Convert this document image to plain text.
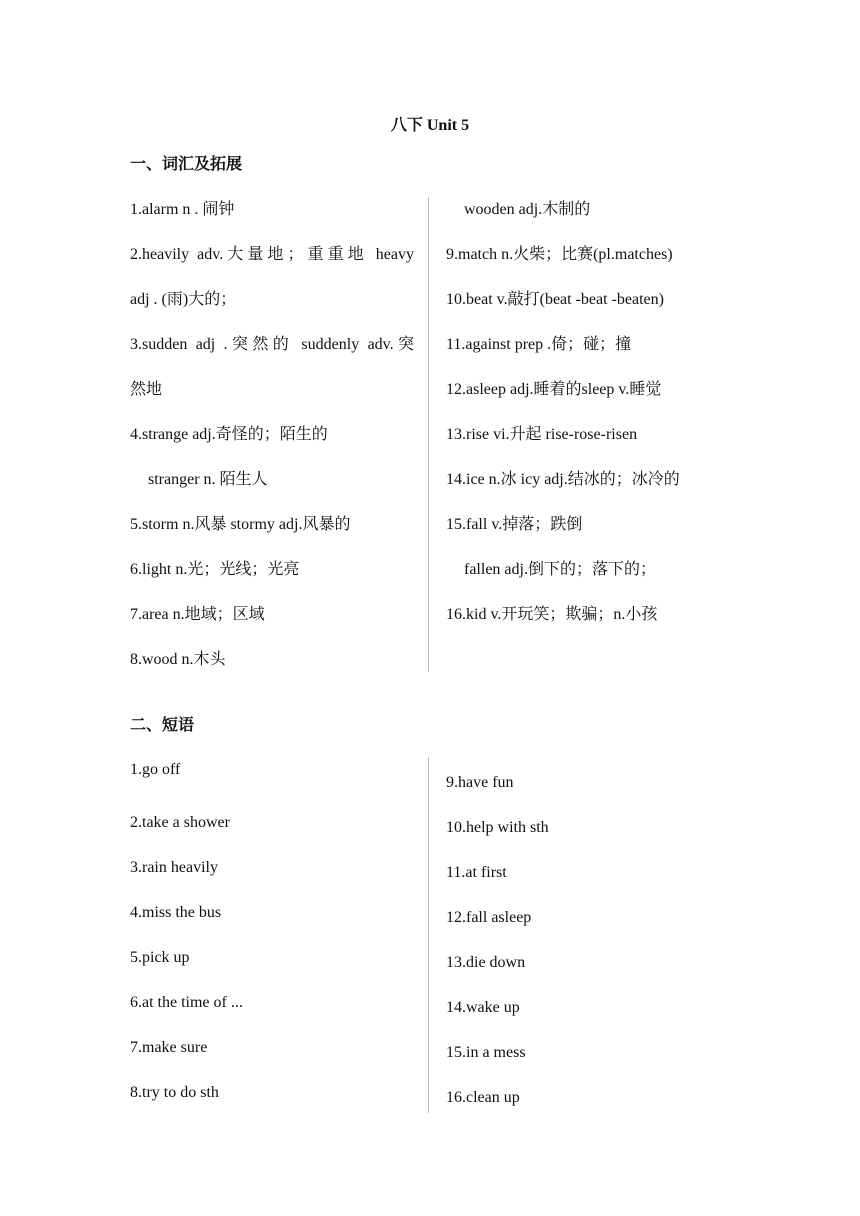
八下 Unit 5
一、词汇及拓展
1.alarm n . 闹钟
2.heavily adv.大量地；重重地 heavy
adj . (雨)大的；
3.sudden adj .突然的 suddenly adv.突
然地
4.strange adj.奇怪的；陌生的
stranger n. 陌生人
5.storm n.风暴 stormy adj.风暴的
6.light n.光；光线；光亮
7.area n.地域；区域
8.wood n.木头
wooden adj.木制的
9.match n.火柴；比赛(pl.matches)
10.beat v.敲打(beat -beat -beaten)
11.against prep .倚；碰；撞
12.asleep adj.睡着的sleep v.睡觉
13.rise vi.升起 rise-rose-risen
14.ice n.冰 icy adj.结冰的；冰冷的
15.fall v.掉落；跌倒
fallen adj.倒下的；落下的；
16.kid v.开玩笑；欺骗；n.小孩
二、短语
1.go off
2.take a shower
3.rain heavily
4.miss the bus
5.pick up
6.at the time of ...
7.make sure
8.try to do sth
9.have fun
10.help with sth
11.at first
12.fall asleep
13.die down
14.wake up
15.in a mess
16.clean up
